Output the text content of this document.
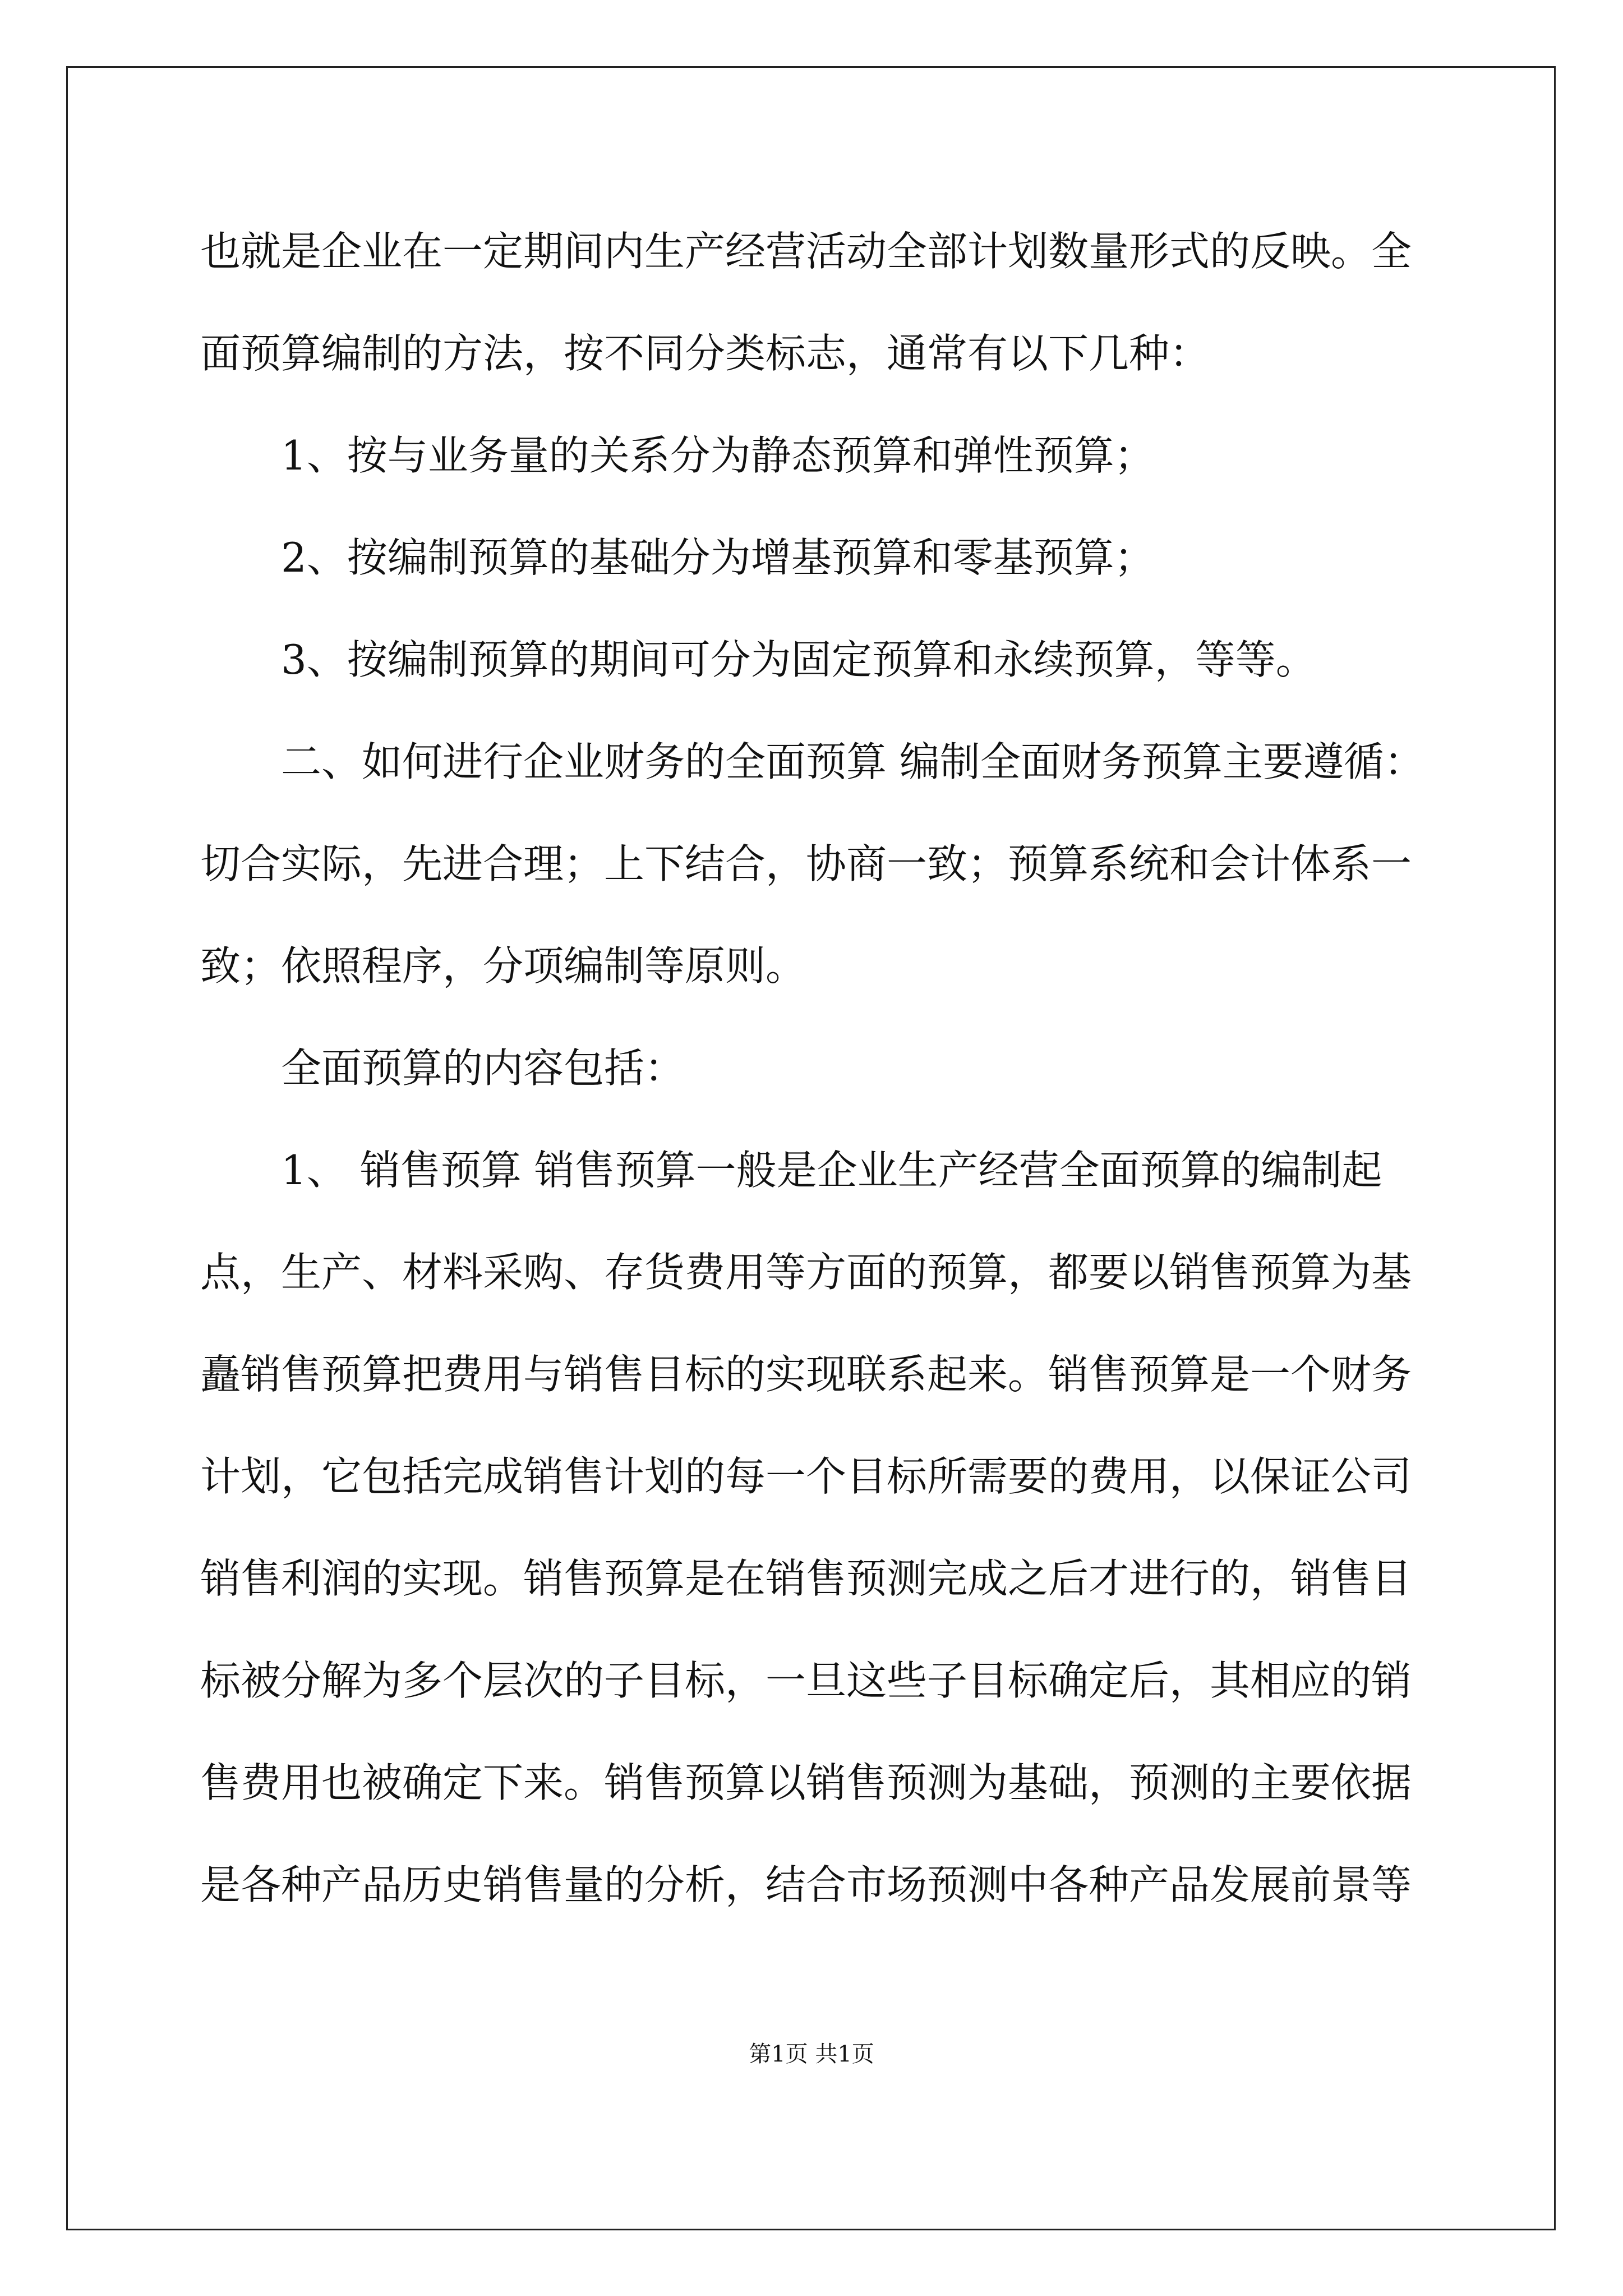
也就是企业在一定期间内生产经营活动全部计划数量形式的反映。全
面预算编制的方法，按不同分类标志，通常有以下几种：
1、按与业务量的关系分为静态预算和弹性预算；
2、按编制预算的基础分为增基预算和零基预算；
3、按编制预算的期间可分为固定预算和永续预算，等等。
二、如何进行企业财务的全面预算 编制全面财务预算主要遵循：
切合实际，先进合理；上下结合，协商一致；预算系统和会计体系一
致；依照程序，分项编制等原则。
全面预算的内容包括：
1、 销售预算 销售预算一般是企业生产经营全面预算的编制起
点，生产、材料采购、存货费用等方面的预算，都要以销售预算为基
矗销售预算把费用与销售目标的实现联系起来。销售预算是一个财务
计划，它包括完成销售计划的每一个目标所需要的费用，以保证公司
销售利润的实现。销售预算是在销售预测完成之后才进行的，销售目
标被分解为多个层次的子目标，一旦这些子目标确定后，其相应的销
售费用也被确定下来。销售预算以销售预测为基础，预测的主要依据
是各种产品历史销售量的分析，结合市场预测中各种产品发展前景等
第1页 共1页
